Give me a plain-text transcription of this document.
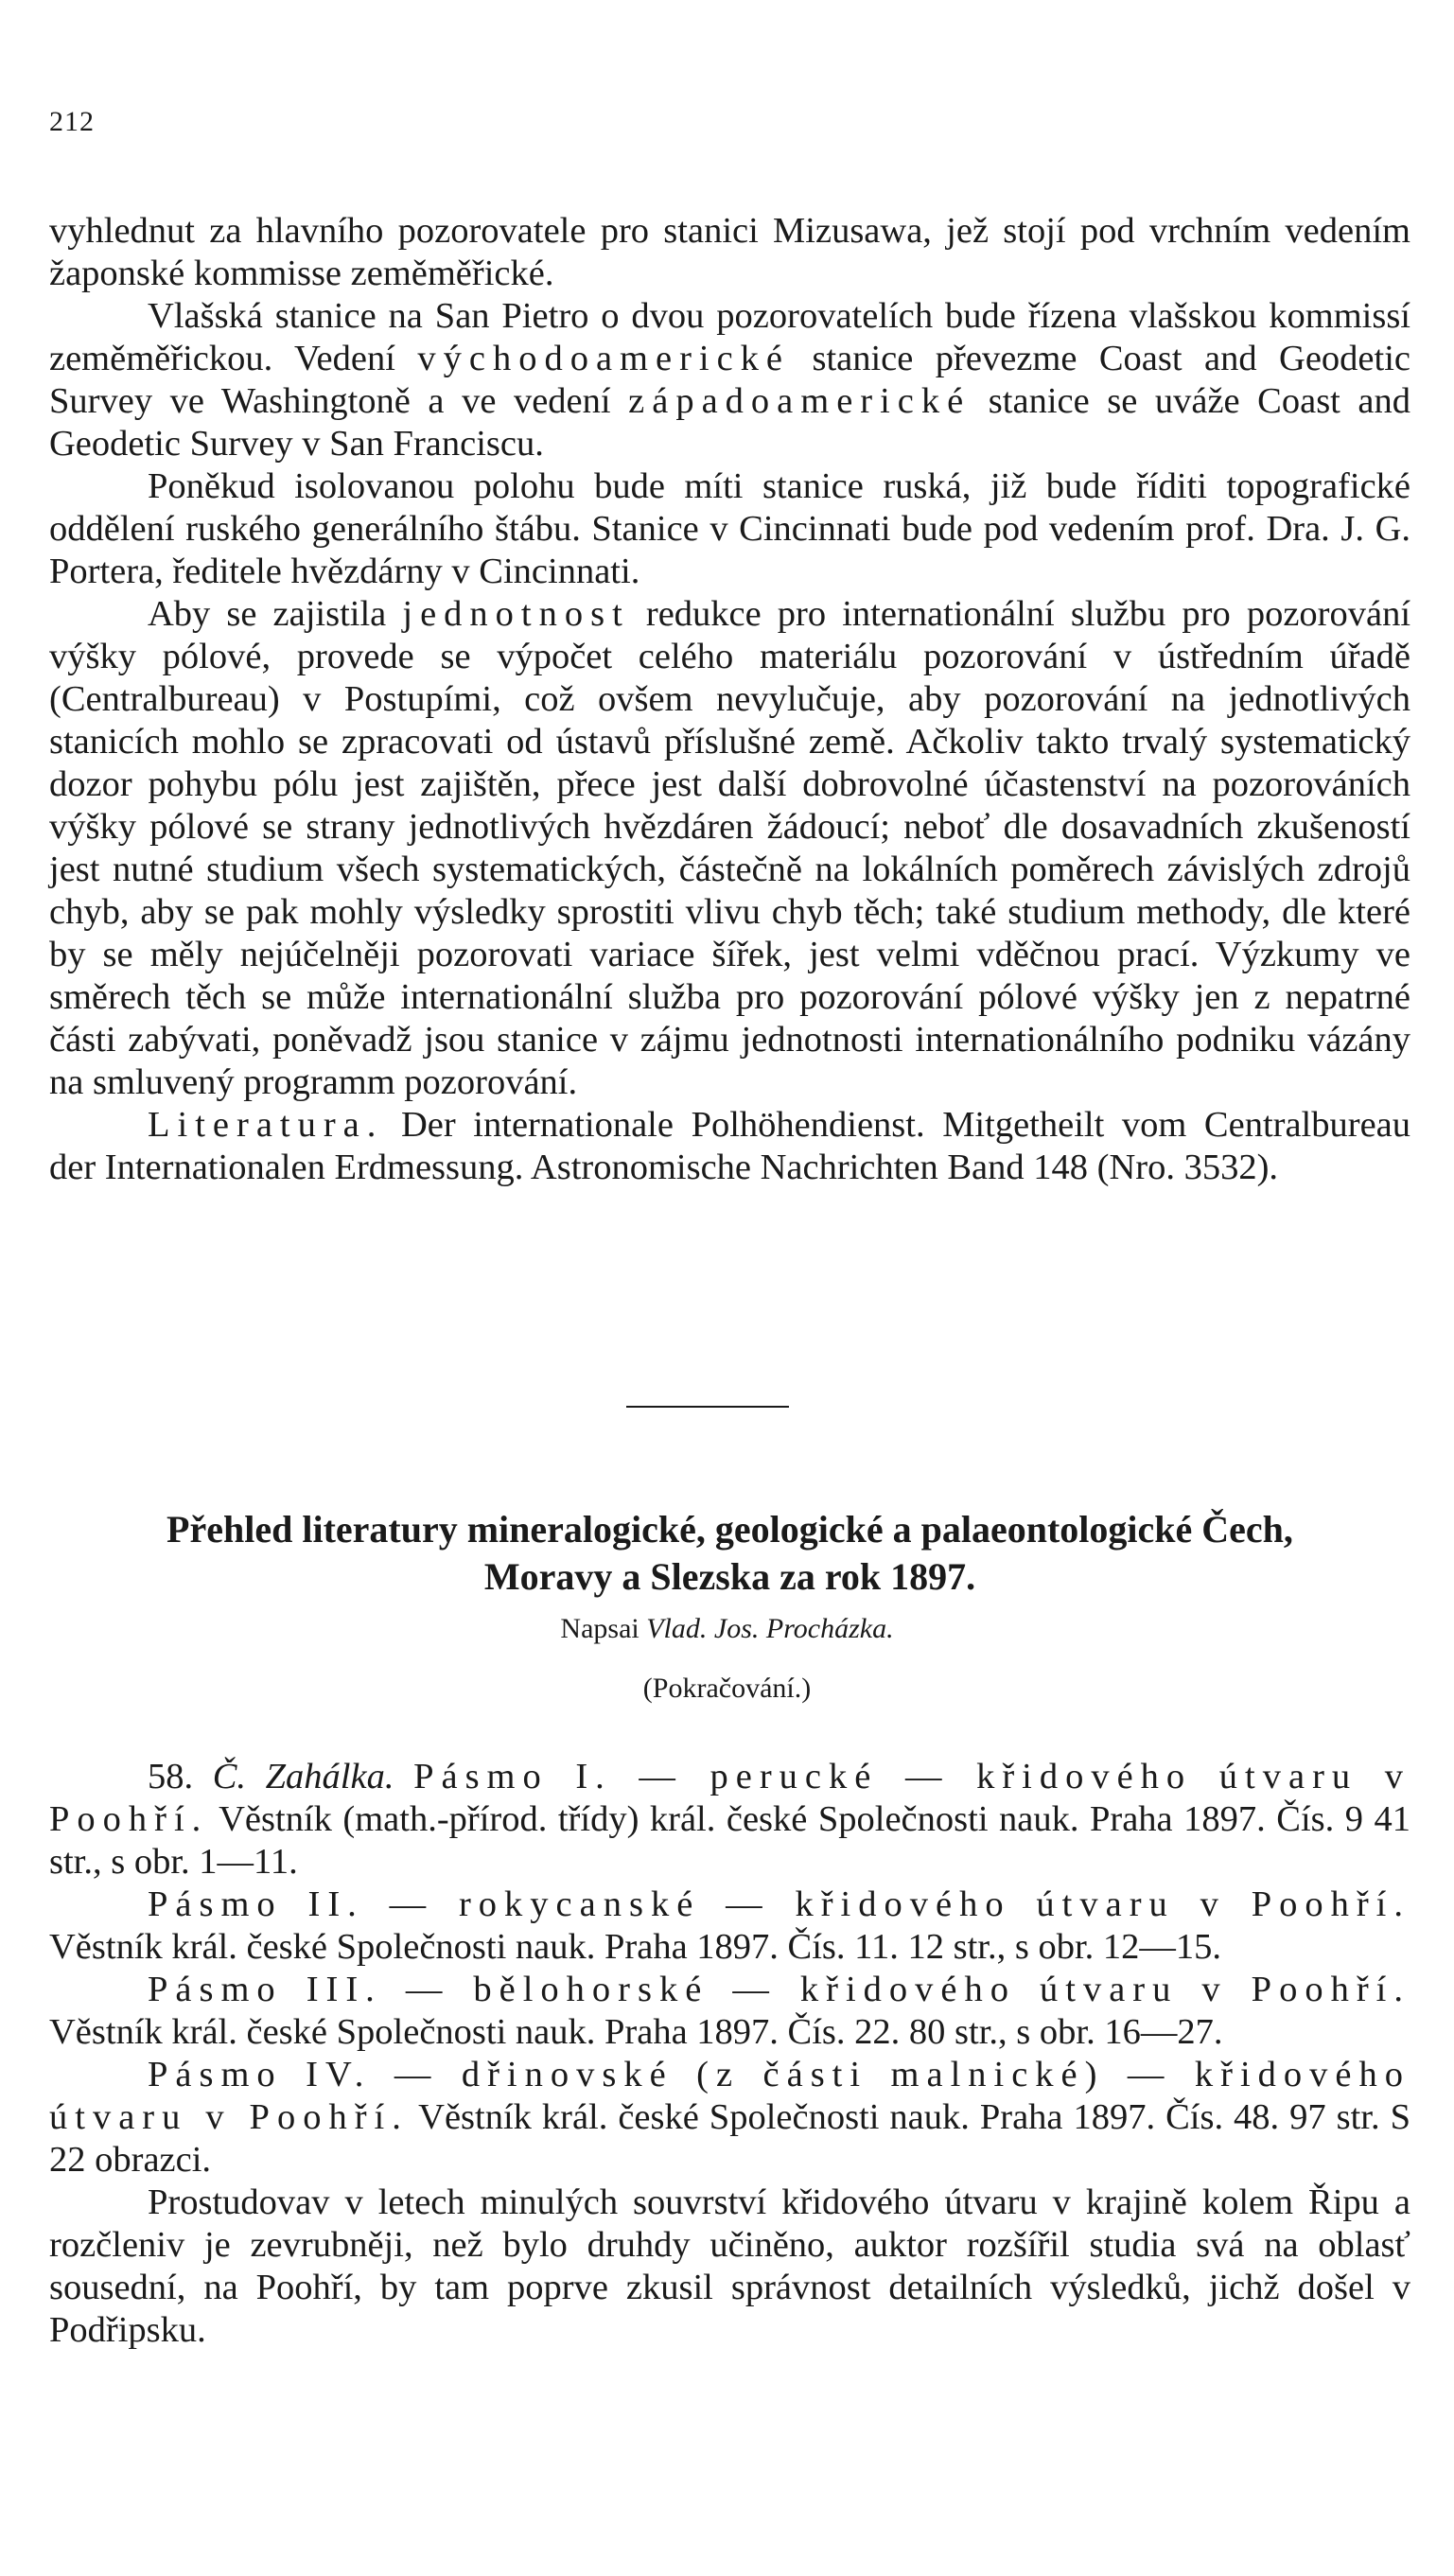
212

vyhlednut za hlavního pozorovatele pro stanici Mizusawa, jež stojí pod vrchním vedením žaponské kommisse zeměměřické.

Vlašská stanice na San Pietro o dvou pozorovatelích bude řízena vlašskou kommissí zeměměřickou. Vedení východoamerické stanice převezme Coast and Geodetic Survey ve Washingtoně a ve vedení západoamerické stanice se uváže Coast and Geodetic Survey v San Franciscu.

Poněkud isolovanou polohu bude míti stanice ruská, již bude říditi topografické oddělení ruského generálního štábu. Stanice v Cincinnati bude pod vedením prof. Dra. J. G. Portera, ředitele hvězdárny v Cincinnati.

Aby se zajistila jednotnost redukce pro internationální službu pro pozorování výšky pólové, provede se výpočet celého materiálu pozorování v ústředním úřadě (Centralbureau) v Postupími, což ovšem nevylučuje, aby pozorování na jednotlivých stanicích mohlo se zpracovati od ústavů příslušné země. Ačkoliv takto trvalý systematický dozor pohybu pólu jest zajištěn, přece jest další dobrovolné účastenství na pozorováních výšky pólové se strany jednotlivých hvězdáren žádoucí; neboť dle dosavadních zkušeností jest nutné studium všech systematických, částečně na lokálních poměrech závislých zdrojů chyb, aby se pak mohly výsledky sprostiti vlivu chyb těch; také studium methody, dle které by se měly nejúčelněji pozorovati variace šířek, jest velmi vděčnou prací. Výzkumy ve směrech těch se může internationální služba pro pozorování pólové výšky jen z nepatrné části zabývati, poněvadž jsou stanice v zájmu jednotnosti internationálního podniku vázány na smluvený programm pozorování.

Literatura. Der internationale Polhöhendienst. Mitgetheilt vom Centralbureau der Internationalen Erdmessung. Astronomische Nachrichten Band 148 (Nro. 3532).

Přehled literatury mineralogické, geologické a palaeontologické Čech,
Moravy a Slezska za rok 1897.
Napsai Vlad. Jos. Procházka.
(Pokračování.)

58. Č. Zahálka. Pásmo I. — perucké — křidového útvaru v Poohří. Věstník (math.-přírod. třídy) král. české Společnosti nauk. Praha 1897. Čís. 9 41 str., s obr. 1—11.

Pásmo II. — rokycanské — křidového útvaru v Poohří. Věstník král. české Společnosti nauk. Praha 1897. Čís. 11. 12 str., s obr. 12—15.

Pásmo III. — bělohorské — křidového útvaru v Poohří. Věstník král. české Společnosti nauk. Praha 1897. Čís. 22. 80 str., s obr. 16—27.

Pásmo IV. — dřinovské (z části malnické) — křidového útvaru v Poohří. Věstník král. české Společnosti nauk. Praha 1897. Čís. 48. 97 str. S 22 obrazci.

Prostudovav v letech minulých souvrství křidového útvaru v krajině kolem Řipu a rozčleniv je zevrubněji, než bylo druhdy učiněno, auktor rozšířil studia svá na oblasť sousední, na Poohří, by tam poprve zkusil správnost detailních výsledků, jichž došel v Podřipsku.
